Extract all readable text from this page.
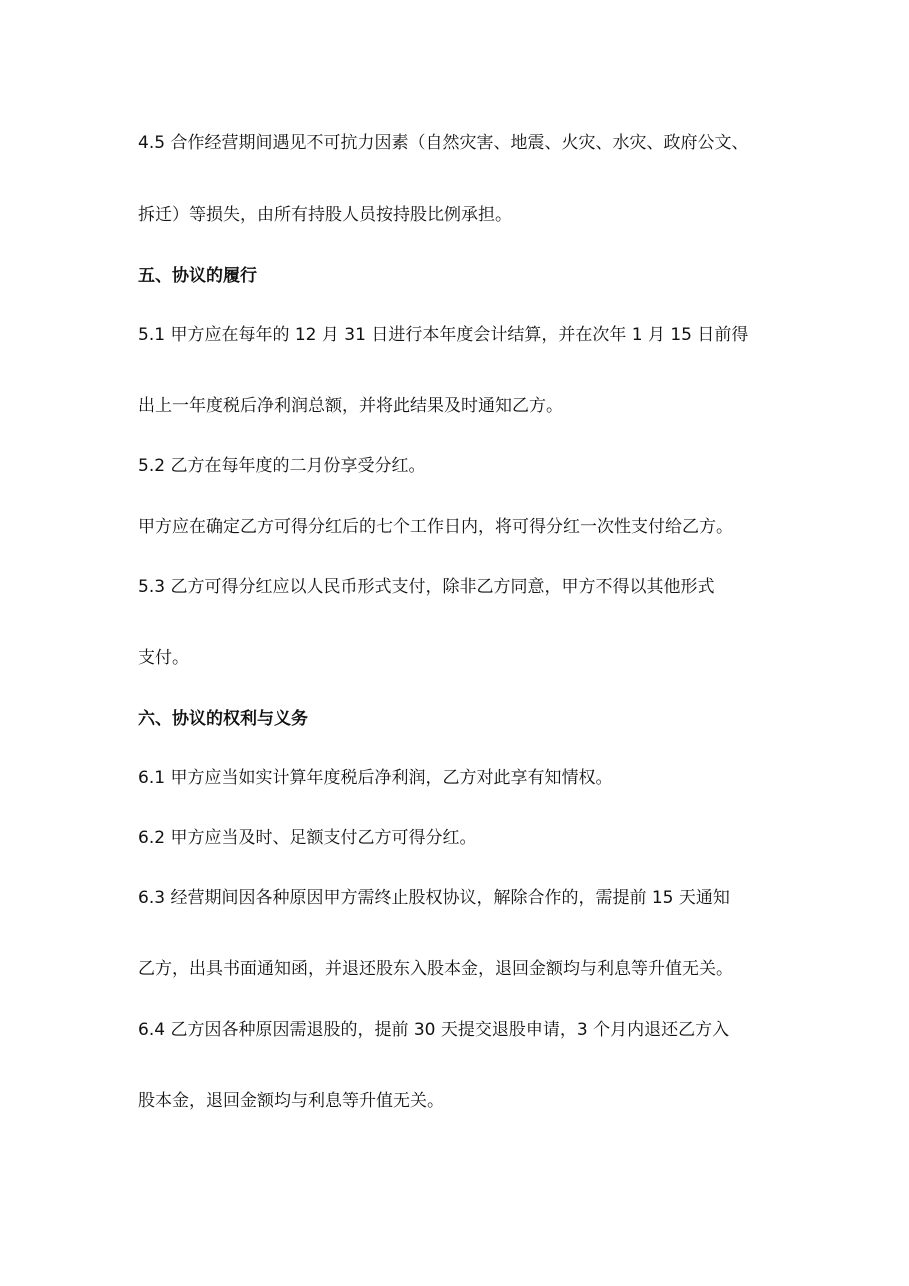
4.5 合作经营期间遇见不可抗力因素（自然灾害、地震、火灾、水灾、政府公文、
拆迁）等损失，由所有持股人员按持股比例承担。
五、协议的履行
5.1 甲方应在每年的 12 月 31 日进行本年度会计结算，并在次年 1 月 15 日前得
出上一年度税后净利润总额，并将此结果及时通知乙方。
5.2 乙方在每年度的二月份享受分红。
甲方应在确定乙方可得分红后的七个工作日内，将可得分红一次性支付给乙方。
5.3 乙方可得分红应以人民币形式支付，除非乙方同意，甲方不得以其他形式
支付。
六、协议的权利与义务
6.1 甲方应当如实计算年度税后净利润，乙方对此享有知情权。
6.2 甲方应当及时、足额支付乙方可得分红。
6.3 经营期间因各种原因甲方需终止股权协议，解除合作的，需提前 15 天通知
乙方，出具书面通知函，并退还股东入股本金，退回金额均与利息等升值无关。
6.4 乙方因各种原因需退股的，提前 30 天提交退股申请，3 个月内退还乙方入
股本金，退回金额均与利息等升值无关。
